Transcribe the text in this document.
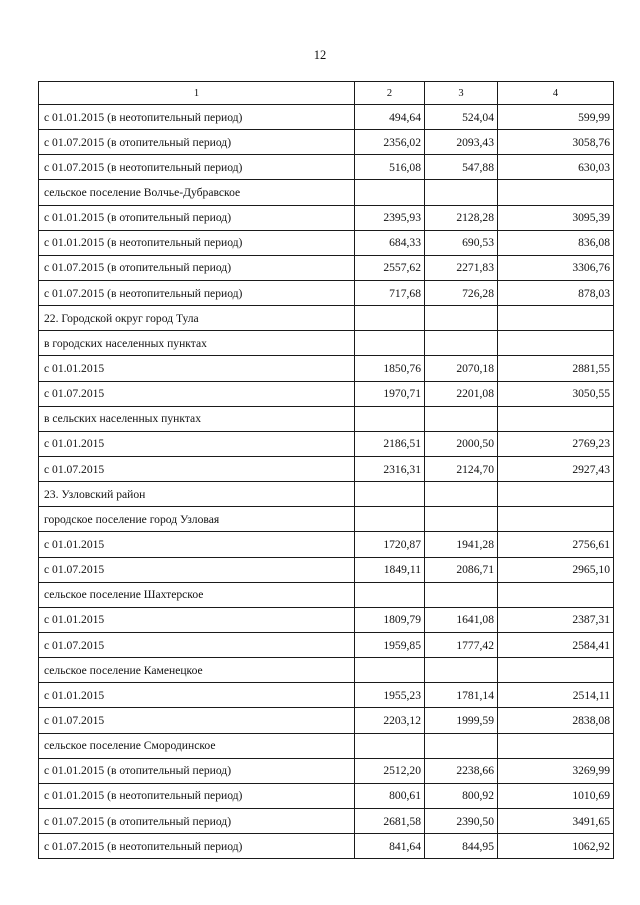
12
1	2	3	4
с 01.01.2015 (в неотопительный период)	494,64	524,04	599,99
с 01.07.2015 (в отопительный период)	2356,02	2093,43	3058,76
с 01.07.2015 (в неотопительный период)	516,08	547,88	630,03
сельское поселение Волчье-Дубравское			
с 01.01.2015 (в отопительный период)	2395,93	2128,28	3095,39
с 01.01.2015 (в неотопительный период)	684,33	690,53	836,08
с 01.07.2015 (в отопительный период)	2557,62	2271,83	3306,76
с 01.07.2015 (в неотопительный период)	717,68	726,28	878,03
22. Городской округ город Тула			
в городских населенных пунктах			
с 01.01.2015	1850,76	2070,18	2881,55
с 01.07.2015	1970,71	2201,08	3050,55
в сельских населенных пунктах			
с 01.01.2015	2186,51	2000,50	2769,23
с 01.07.2015	2316,31	2124,70	2927,43
23. Узловский район			
городское поселение город Узловая			
с 01.01.2015	1720,87	1941,28	2756,61
с 01.07.2015	1849,11	2086,71	2965,10
сельское поселение Шахтерское			
с 01.01.2015	1809,79	1641,08	2387,31
с 01.07.2015	1959,85	1777,42	2584,41
сельское поселение Каменецкое			
с 01.01.2015	1955,23	1781,14	2514,11
с 01.07.2015	2203,12	1999,59	2838,08
сельское поселение Смородинское			
с 01.01.2015 (в отопительный период)	2512,20	2238,66	3269,99
с 01.01.2015 (в неотопительный период)	800,61	800,92	1010,69
с 01.07.2015 (в отопительный период)	2681,58	2390,50	3491,65
с 01.07.2015 (в неотопительный период)	841,64	844,95	1062,92
